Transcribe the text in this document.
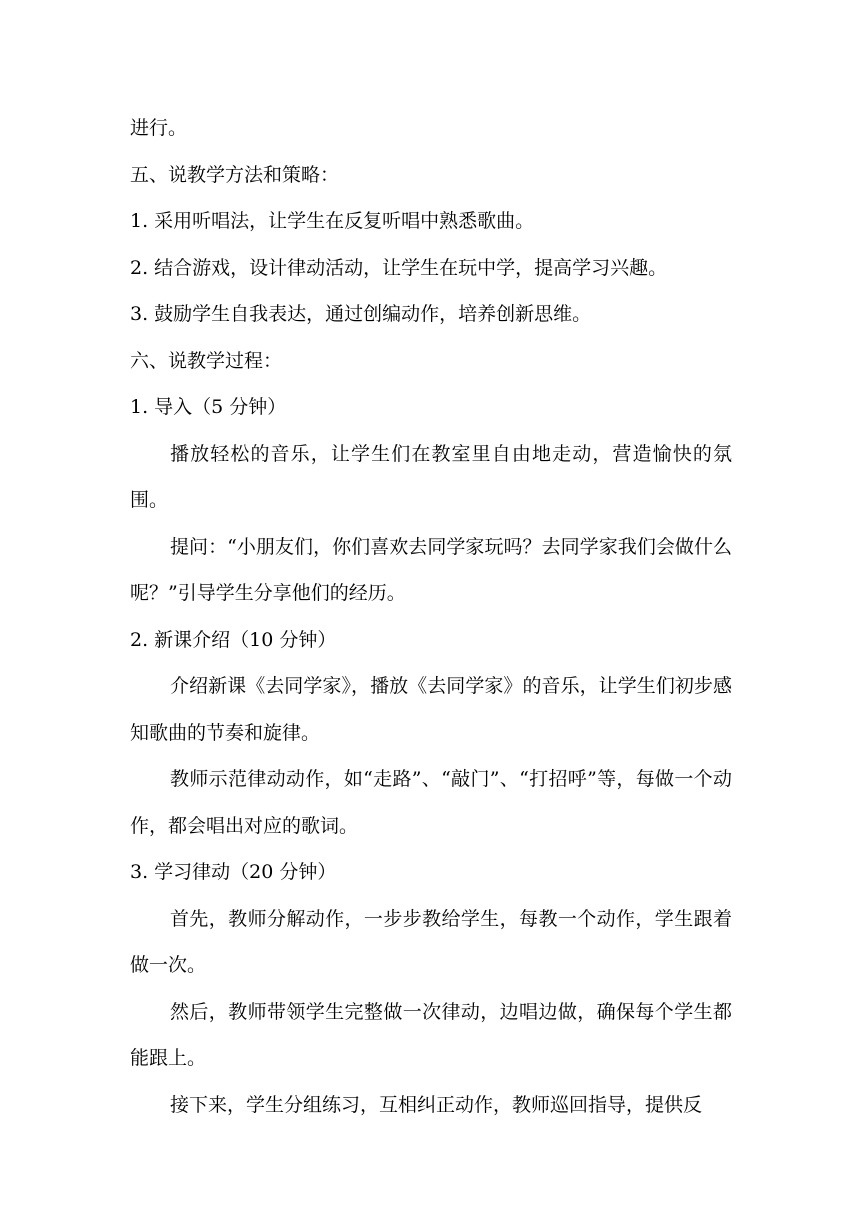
进行。
五、说教学方法和策略：
1. 采用听唱法，让学生在反复听唱中熟悉歌曲。
2. 结合游戏，设计律动活动，让学生在玩中学，提高学习兴趣。
3. 鼓励学生自我表达，通过创编动作，培养创新思维。
六、说教学过程：
1. 导入（5 分钟）

播放轻松的音乐，让学生们在教室里自由地走动，营造愉快的氛围。

提问：“小朋友们，你们喜欢去同学家玩吗？去同学家我们会做什么呢？”引导学生分享他们的经历。

2. 新课介绍（10 分钟）

介绍新课《去同学家》，播放《去同学家》的音乐，让学生们初步感知歌曲的节奏和旋律。

教师示范律动动作，如“走路”、“敲门”、“打招呼”等，每做一个动作，都会唱出对应的歌词。

3. 学习律动（20 分钟）

首先，教师分解动作，一步步教给学生，每教一个动作，学生跟着做一次。

然后，教师带领学生完整做一次律动，边唱边做，确保每个学生都能跟上。

接下来，学生分组练习，互相纠正动作，教师巡回指导，提供反
